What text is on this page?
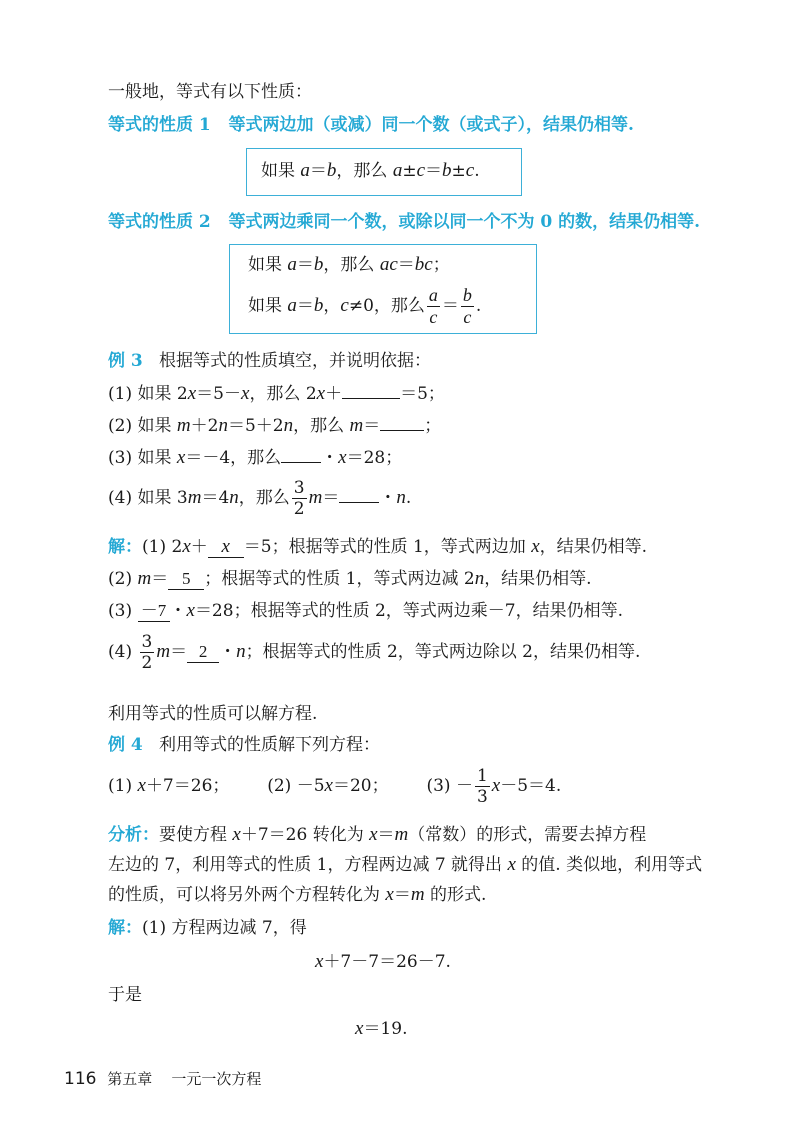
一般地，等式有以下性质：
等式的性质 1 等式两边加（或减）同一个数（或式子），结果仍相等.
如果 a＝b，那么 a±c＝b±c.
等式的性质 2 等式两边乘同一个数，或除以同一个不为 0 的数，结果仍相等.
如果 a＝b，那么 ac＝bc；
如果 a＝b，c≠0，那么 $\frac{a}{c} = \frac{b}{c}$ .
例 3 根据等式的性质填空，并说明依据：
(1) 如果 2x＝5－x，那么 2x＋	＝5；
(2) 如果 m＋2n＝5＋2n，那么 m＝	；
(3) 如果 x＝－4，那么 ・x＝28；
(4) 如果 3m＝4n，那么 $\frac{3}{2} m=$ ・n.
解：(1) 2x＋ x ＝5；根据等式的性质 1，等式两边加 x，结果仍相等.
(2) m＝ 5 ；根据等式的性质 1，等式两边减 2n，结果仍相等.
(3) －7 ・x＝28；根据等式的性质 2，等式两边乘－7，结果仍相等.
$(4) \frac{3}{2} m= 2$ ・n；根据等式的性质 2，等式两边除以 2，结果仍相等.
利用等式的性质可以解方程.
例 4 利用等式的性质解下列方程：
(1) x＋7＝26； (2) －5x＝20； $(3) - \frac{1}{3} x-5=4$.
分析：要使方程 x＋7＝26 转化为 x＝m（常数）的形式，需要去掉方程
左边的 7，利用等式的性质 1，方程两边减 7 就得出 x 的值. 类似地，利用等式
的性质，可以将另外两个方程转化为 x＝m 的形式.
解：(1) 方程两边减 7，得
x＋7－7＝26－7.
于是
x＝19.
116 第五章 一元一次方程
